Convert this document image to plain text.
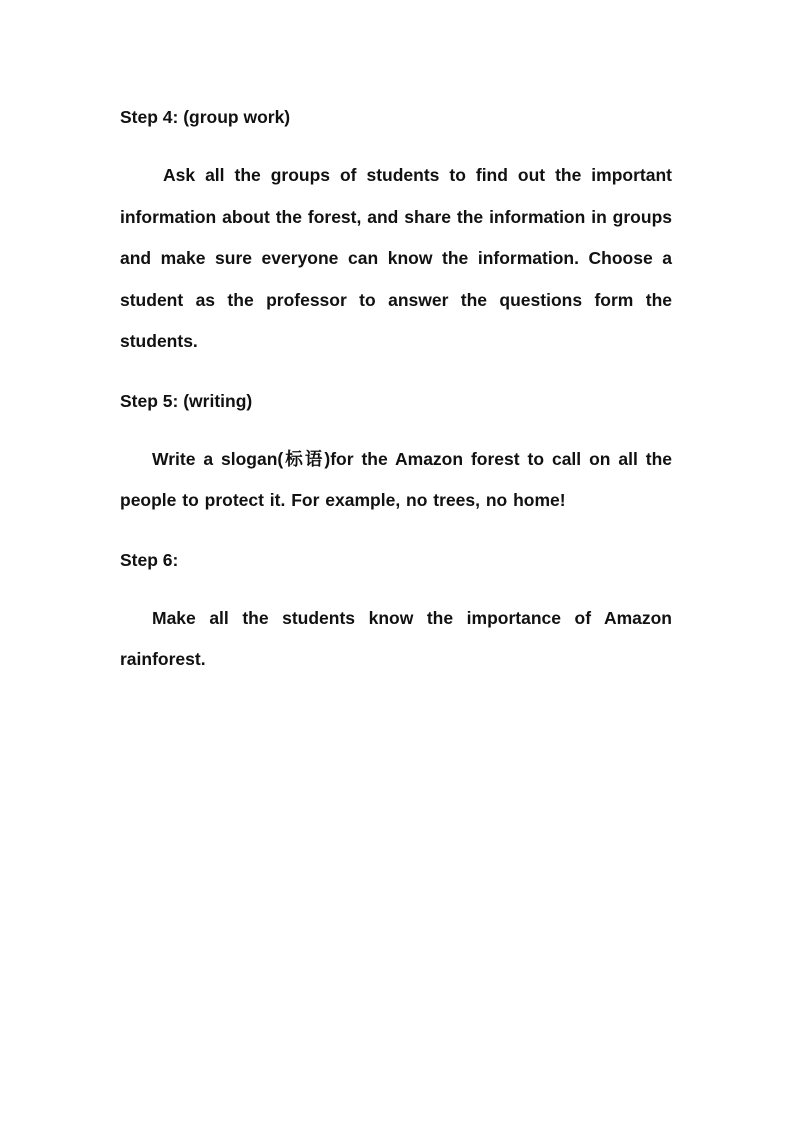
Step 4: (group work)

Ask all the groups of students to find out the important information about the forest, and share the information in groups and make sure everyone can know the information. Choose a student as the professor to answer the questions form the students.

Step 5: (writing)

Write a slogan(标语)for the Amazon forest to call on all the people to protect it. For example, no trees, no home!

Step 6:

Make all the students know the importance of Amazon rainforest.
